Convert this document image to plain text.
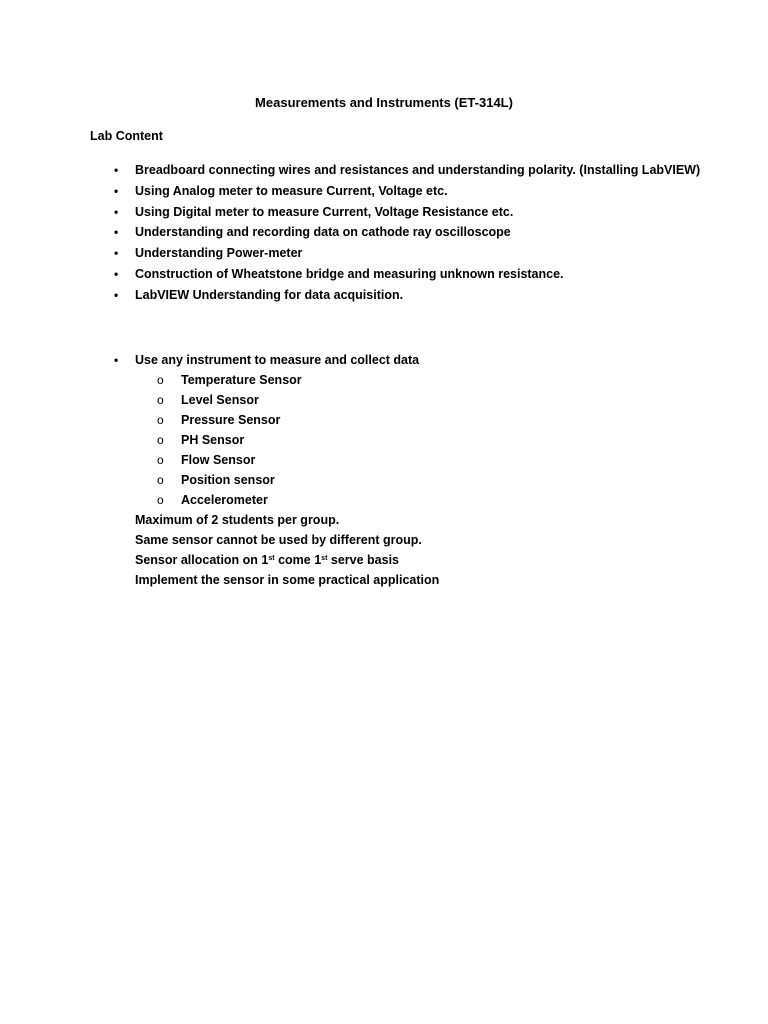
Measurements and Instruments (ET-314L)
Lab Content
• Breadboard connecting wires and resistances and understanding polarity. (Installing LabVIEW)
• Using Analog meter to measure Current, Voltage etc.
• Using Digital meter to measure Current, Voltage Resistance etc.
• Understanding and recording data on cathode ray oscilloscope
• Understanding Power-meter
• Construction of Wheatstone bridge and measuring unknown resistance.
• LabVIEW Understanding for data acquisition.
• Use any instrument to measure and collect data
o Temperature Sensor
o Level Sensor
o Pressure Sensor
o PH Sensor
o Flow Sensor
o Position sensor
o Accelerometer
Maximum of 2 students per group.
Same sensor cannot be used by different group.
Sensor allocation on 1st come 1st serve basis
Implement the sensor in some practical application
